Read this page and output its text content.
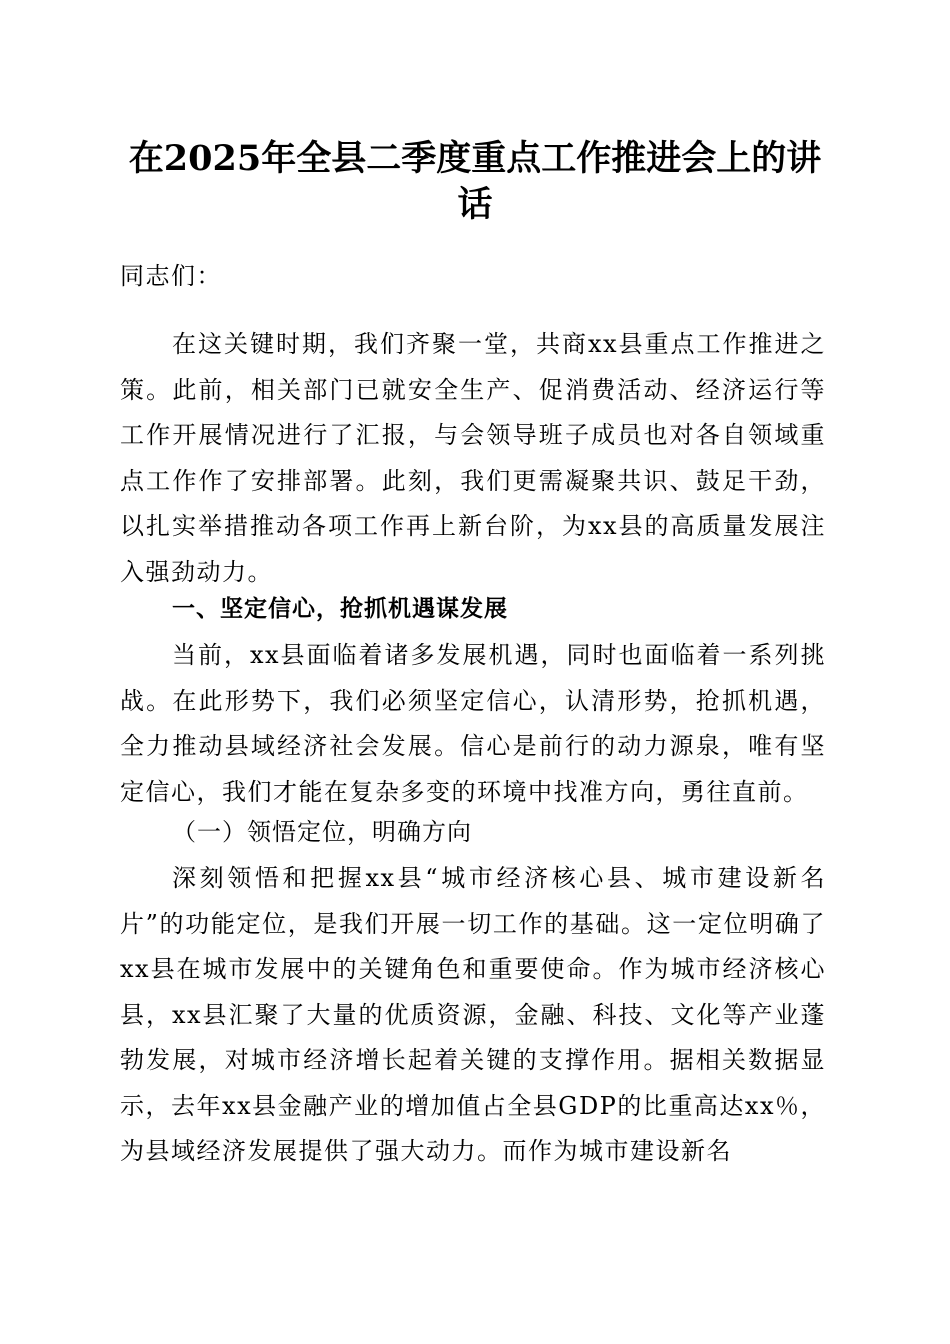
在2025年全县二季度重点工作推进会上的讲话

同志们：

在这关键时期，我们齐聚一堂，共商xx县重点工作推进之策。此前，相关部门已就安全生产、促消费活动、经济运行等工作开展情况进行了汇报，与会领导班子成员也对各自领域重点工作作了安排部署。此刻，我们更需凝聚共识、鼓足干劲，以扎实举措推动各项工作再上新台阶，为xx县的高质量发展注入强劲动力。

一、坚定信心，抢抓机遇谋发展

当前，xx县面临着诸多发展机遇，同时也面临着一系列挑战。在此形势下，我们必须坚定信心，认清形势，抢抓机遇，全力推动县域经济社会发展。信心是前行的动力源泉，唯有坚定信心，我们才能在复杂多变的环境中找准方向，勇往直前。

（一）领悟定位，明确方向

深刻领悟和把握xx县“城市经济核心县、城市建设新名片”的功能定位，是我们开展一切工作的基础。这一定位明确了xx县在城市发展中的关键角色和重要使命。作为城市经济核心县，xx县汇聚了大量的优质资源，金融、科技、文化等产业蓬勃发展，对城市经济增长起着关键的支撑作用。据相关数据显示，去年xx县金融产业的增加值占全县GDP的比重高达xx％，为县域经济发展提供了强大动力。而作为城市建设新名
